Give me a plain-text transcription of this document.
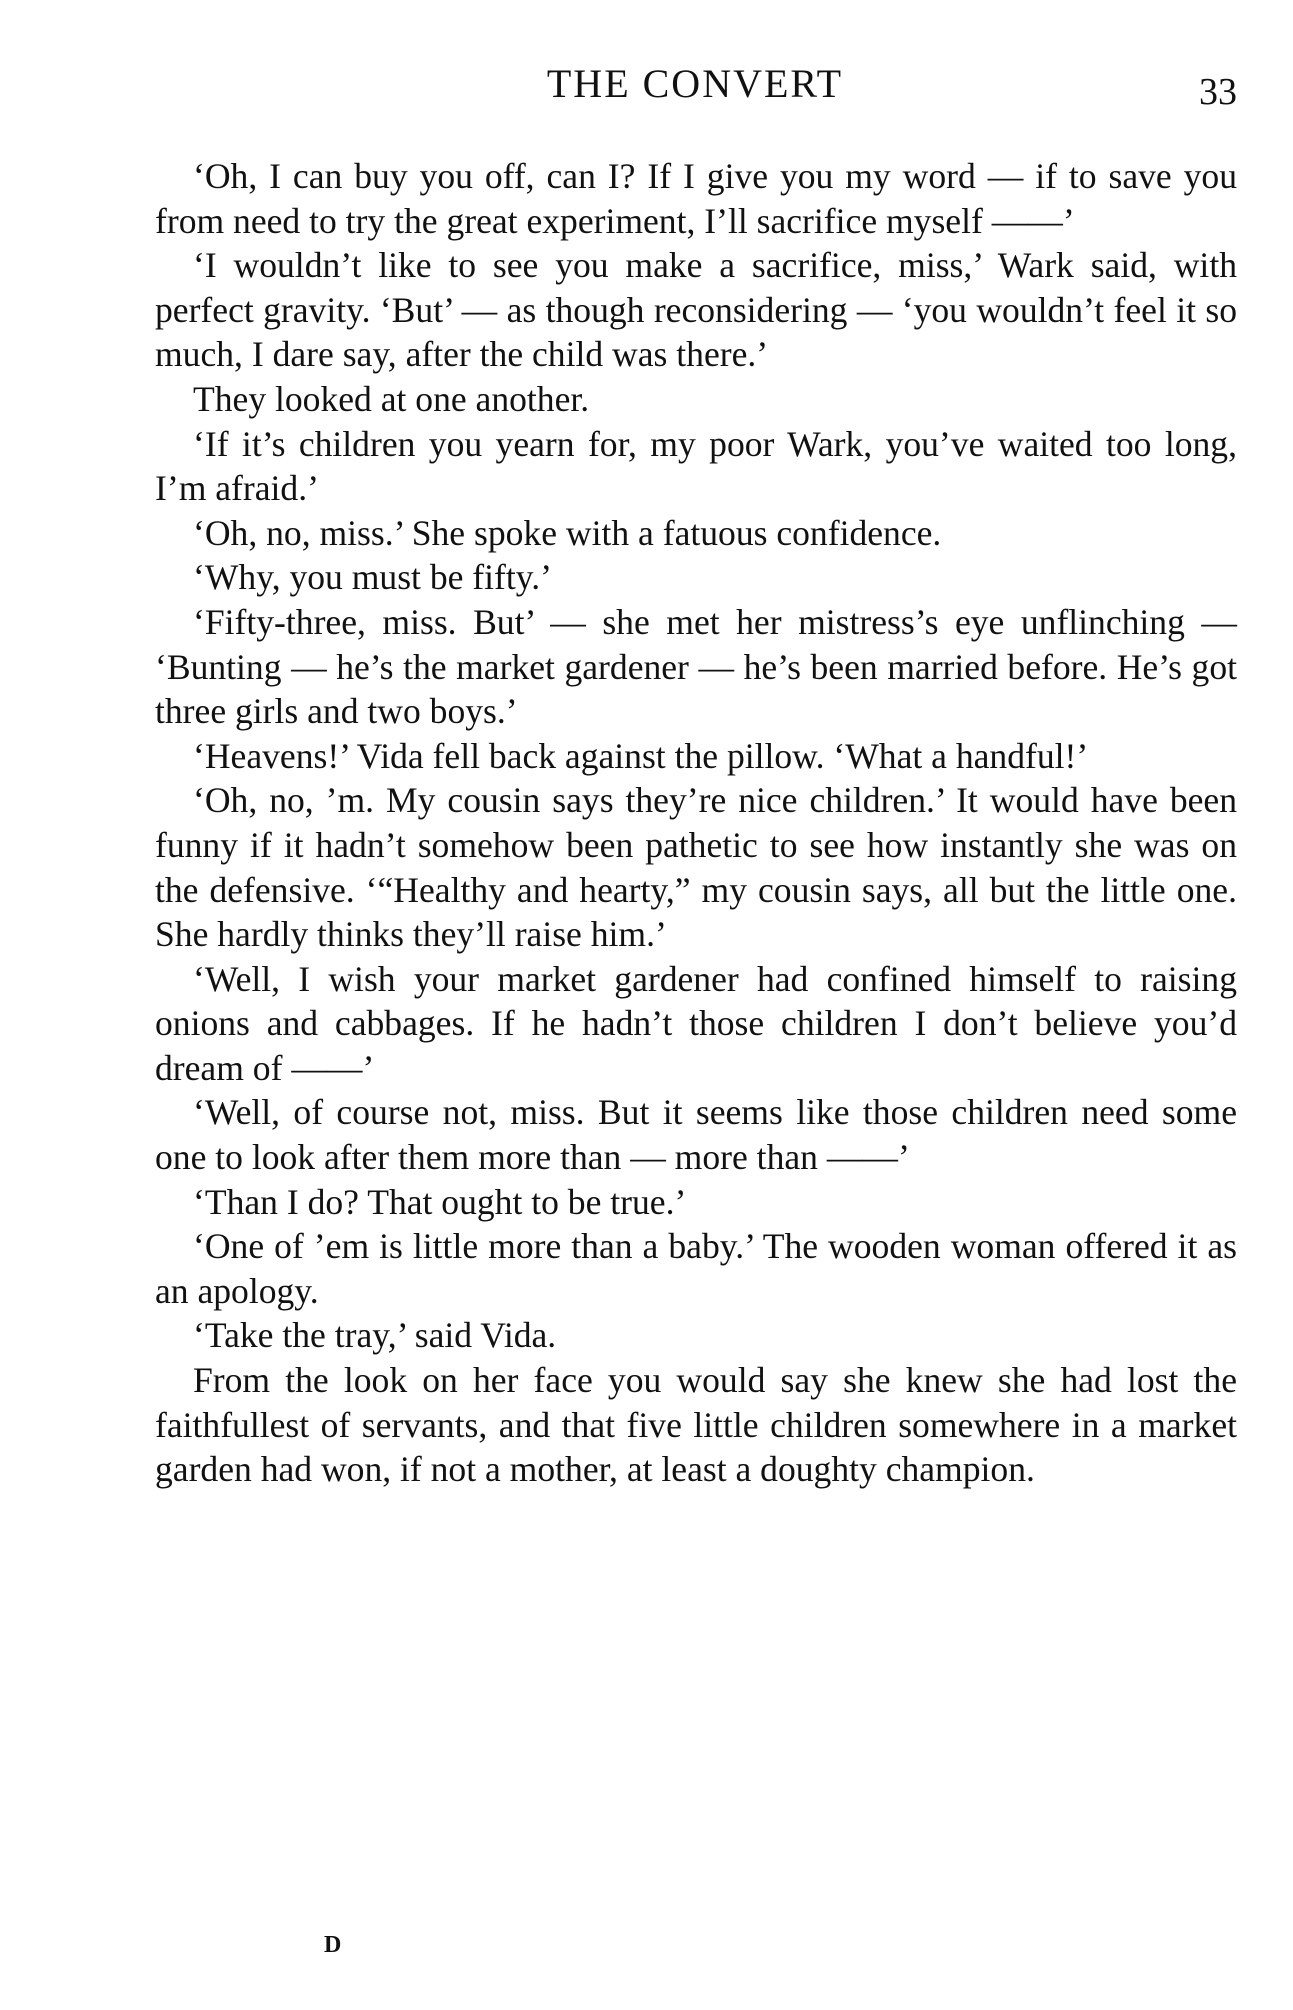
THE CONVERT	33

‘Oh, I can buy you off, can I? If I give you my word — if to save you from need to try the great experiment, I’ll sacrifice myself ——’

‘I wouldn’t like to see you make a sacrifice, miss,’ Wark said, with perfect gravity. ‘But’ — as though reconsidering — ‘you wouldn’t feel it so much, I dare say, after the child was there.’

They looked at one another.

‘If it’s children you yearn for, my poor Wark, you’ve waited too long, I’m afraid.’

‘Oh, no, miss.’ She spoke with a fatuous confidence.

‘Why, you must be fifty.’

‘Fifty-three, miss. But’ — she met her mistress’s eye unflinching — ‘Bunting — he’s the market gardener — he’s been married before. He’s got three girls and two boys.’

‘Heavens!’ Vida fell back against the pillow. ‘What a handful!’

‘Oh, no, ’m. My cousin says they’re nice children.’ It would have been funny if it hadn’t somehow been pathetic to see how instantly she was on the defensive. ‘“Healthy and hearty,” my cousin says, all but the little one. She hardly thinks they’ll raise him.’

‘Well, I wish your market gardener had confined himself to raising onions and cabbages. If he hadn’t those children I don’t believe you’d dream of ——’

‘Well, of course not, miss. But it seems like those children need some one to look after them more than — more than ——’

‘Than I do? That ought to be true.’

‘One of ’em is little more than a baby.’ The wooden woman offered it as an apology.

‘Take the tray,’ said Vida.

From the look on her face you would say she knew she had lost the faithfullest of servants, and that five little children somewhere in a market garden had won, if not a mother, at least a doughty champion.

D
